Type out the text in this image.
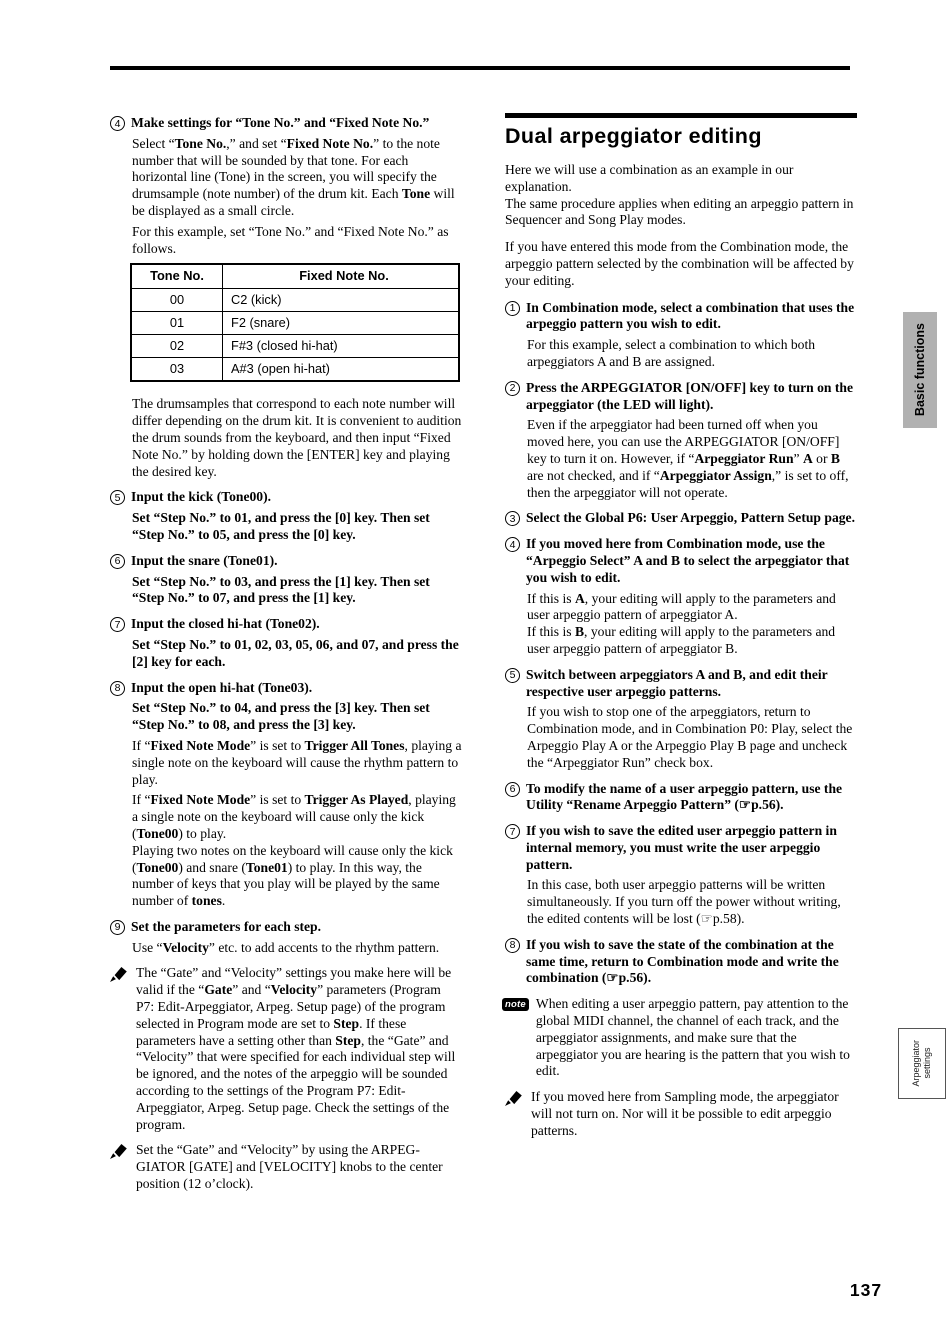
4 Make settings for “Tone No.” and “Fixed Note No.”
Select “Tone No.,” and set “Fixed Note No.” to the note number that will be sounded by that tone. For each horizontal line (Tone) in the screen, you will specify the drumsample (note number) of the drum kit. Each Tone will be displayed as a small circle.
For this example, set “Tone No.” and “Fixed Note No.” as follows.
Tone No.	Fixed Note No.
00	C2 (kick)
01	F2 (snare)
02	F#3 (closed hi-hat)
03	A#3 (open hi-hat)
The drumsamples that correspond to each note number will differ depending on the drum kit. It is convenient to audition the drum sounds from the keyboard, and then input “Fixed Note No.” by holding down the [ENTER] key and playing the desired key.
5 Input the kick (Tone00).
Set “Step No.” to 01, and press the [0] key. Then set “Step No.” to 05, and press the [0] key.
6 Input the snare (Tone01).
Set “Step No.” to 03, and press the [1] key. Then set “Step No.” to 07, and press the [1] key.
7 Input the closed hi-hat (Tone02).
Set “Step No.” to 01, 02, 03, 05, 06, and 07, and press the [2] key for each.
8 Input the open hi-hat (Tone03).
Set “Step No.” to 04, and press the [3] key. Then set “Step No.” to 08, and press the [3] key.
If “Fixed Note Mode” is set to Trigger All Tones, playing a single note on the keyboard will cause the rhythm pattern to play.
If “Fixed Note Mode” is set to Trigger As Played, playing a single note on the keyboard will cause only the kick (Tone00) to play.
Playing two notes on the keyboard will cause only the kick (Tone00) and snare (Tone01) to play. In this way, the number of keys that you play will be played by the same number of tones.
9 Set the parameters for each step.
Use “Velocity” etc. to add accents to the rhythm pattern.
The “Gate” and “Velocity” settings you make here will be valid if the “Gate” and “Velocity” parameters (Program P7: Edit-Arpeggiator, Arpeg. Setup page) of the program selected in Program mode are set to Step. If these parameters have a setting other than Step, the “Gate” and “Velocity” that were specified for each individual step will be ignored, and the notes of the arpeggio will be sounded according to the settings of the Program P7: Edit-Arpeggiator, Arpeg. Setup page. Check the settings of the program.
Set the “Gate” and “Velocity” by using the ARPEGGIATOR [GATE] and [VELOCITY] knobs to the center position (12 o’clock).
Dual arpeggiator editing
Here we will use a combination as an example in our explanation.
The same procedure applies when editing an arpeggio pattern in Sequencer and Song Play modes.
If you have entered this mode from the Combination mode, the arpeggio pattern selected by the combination will be affected by your editing.
1 In Combination mode, select a combination that uses the arpeggio pattern you wish to edit.
For this example, select a combination to which both arpeggiators A and B are assigned.
2 Press the ARPEGGIATOR [ON/OFF] key to turn on the arpeggiator (the LED will light).
Even if the arpeggiator had been turned off when you moved here, you can use the ARPEGGIATOR [ON/OFF] key to turn it on. However, if “Arpeggiator Run” A or B are not checked, and if “Arpeggiator Assign,” is set to off, then the arpeggiator will not operate.
3 Select the Global P6: User Arpeggio, Pattern Setup page.
4 If you moved here from Combination mode, use the “Arpeggio Select” A and B to select the arpeggiator that you wish to edit.
If this is A, your editing will apply to the parameters and user arpeggio pattern of arpeggiator A.
If this is B, your editing will apply to the parameters and user arpeggio pattern of arpeggiator B.
5 Switch between arpeggiators A and B, and edit their respective user arpeggio patterns.
If you wish to stop one of the arpeggiators, return to Combination mode, and in Combination P0: Play, select the Arpeggio Play A or the Arpeggio Play B page and uncheck the “Arpeggiator Run” check box.
6 To modify the name of a user arpeggio pattern, use the Utility “Rename Arpeggio Pattern” (☞p.56).
7 If you wish to save the edited user arpeggio pattern in internal memory, you must write the user arpeggio pattern.
In this case, both user arpeggio patterns will be written simultaneously. If you turn off the power without writing, the edited contents will be lost (☞p.58).
8 If you wish to save the state of the combination at the same time, return to Combination mode and write the combination (☞p.56).
note When editing a user arpeggio pattern, pay attention to the global MIDI channel, the channel of each track, and the arpeggiator assignments, and make sure that the arpeggiator you are hearing is the pattern that you wish to edit.
If you moved here from Sampling mode, the arpeggiator will not turn on. Nor will it be possible to edit arpeggio patterns.
Basic functions
Arpeggiator
settings
137
